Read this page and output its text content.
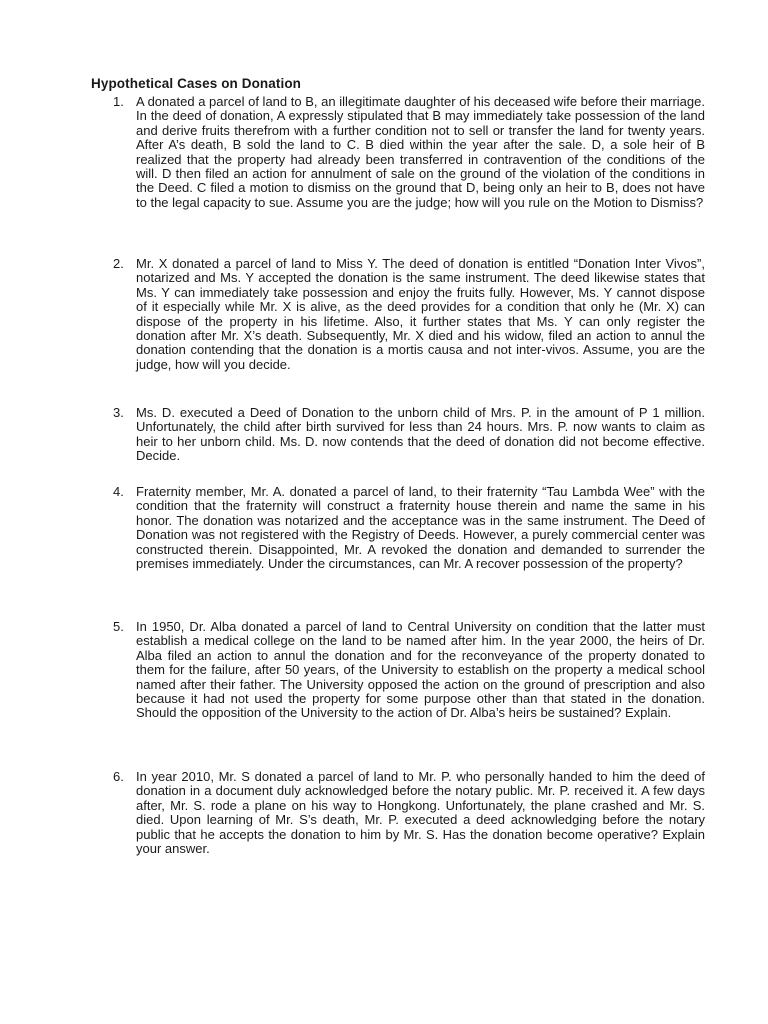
Hypothetical Cases on Donation
1. A donated a parcel of land to B, an illegitimate daughter of his deceased wife before their marriage. In the deed of donation, A expressly stipulated that B may immediately take possession of the land and derive fruits therefrom with a further condition not to sell or transfer the land for twenty years. After A’s death, B sold the land to C. B died within the year after the sale. D, a sole heir of B realized that the property had already been transferred in contravention of the conditions of the will. D then filed an action for annulment of sale on the ground of the violation of the conditions in the Deed. C filed a motion to dismiss on the ground that D, being only an heir to B, does not have to the legal capacity to sue. Assume you are the judge; how will you rule on the Motion to Dismiss?

2. Mr. X donated a parcel of land to Miss Y. The deed of donation is entitled “Donation Inter Vivos”, notarized and Ms. Y accepted the donation is the same instrument. The deed likewise states that Ms. Y can immediately take possession and enjoy the fruits fully. However, Ms. Y cannot dispose of it especially while Mr. X is alive, as the deed provides for a condition that only he (Mr. X) can dispose of the property in his lifetime. Also, it further states that Ms. Y can only register the donation after Mr. X’s death. Subsequently, Mr. X died and his widow, filed an action to annul the donation contending that the donation is a mortis causa and not inter-vivos. Assume, you are the judge, how will you decide.

3. Ms. D. executed a Deed of Donation to the unborn child of Mrs. P. in the amount of P 1 million. Unfortunately, the child after birth survived for less than 24 hours. Mrs. P. now wants to claim as heir to her unborn child. Ms. D. now contends that the deed of donation did not become effective. Decide.

4. Fraternity member, Mr. A. donated a parcel of land, to their fraternity “Tau Lambda Wee” with the condition that the fraternity will construct a fraternity house therein and name the same in his honor. The donation was notarized and the acceptance was in the same instrument. The Deed of Donation was not registered with the Registry of Deeds. However, a purely commercial center was constructed therein. Disappointed, Mr. A revoked the donation and demanded to surrender the premises immediately. Under the circumstances, can Mr. A recover possession of the property?

5. In 1950, Dr. Alba donated a parcel of land to Central University on condition that the latter must establish a medical college on the land to be named after him. In the year 2000, the heirs of Dr. Alba filed an action to annul the donation and for the reconveyance of the property donated to them for the failure, after 50 years, of the University to establish on the property a medical school named after their father. The University opposed the action on the ground of prescription and also because it had not used the property for some purpose other than that stated in the donation. Should the opposition of the University to the action of Dr. Alba’s heirs be sustained? Explain.

6. In year 2010, Mr. S donated a parcel of land to Mr. P. who personally handed to him the deed of donation in a document duly acknowledged before the notary public. Mr. P. received it. A few days after, Mr. S. rode a plane on his way to Hongkong. Unfortunately, the plane crashed and Mr. S. died. Upon learning of Mr. S’s death, Mr. P. executed a deed acknowledging before the notary public that he accepts the donation to him by Mr. S. Has the donation become operative? Explain your answer.
